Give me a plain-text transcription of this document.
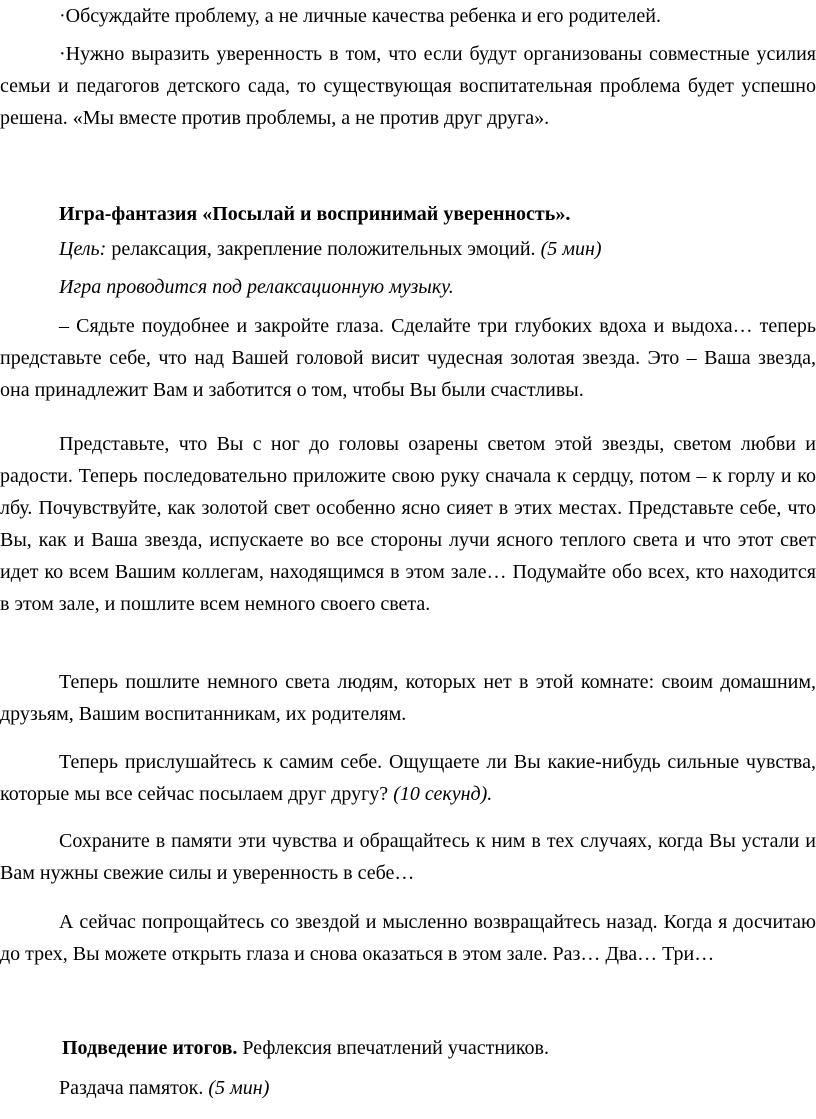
·Обсуждайте проблему, а не личные качества ребенка и его родителей.

·Нужно выразить уверенность в том, что если будут организованы совместные усилия семьи и педагогов детского сада, то существующая воспитательная проблема будет успешно решена. «Мы вместе против проблемы, а не против друг друга».

Игра-фантазия «Посылай и воспринимай уверенность».

Цель: релаксация, закрепление положительных эмоций. (5 мин)

Игра проводится под релаксационную музыку.

– Сядьте поудобнее и закройте глаза. Сделайте три глубоких вдоха и выдоха… теперь представьте себе, что над Вашей головой висит чудесная золотая звезда. Это – Ваша звезда, она принадлежит Вам и заботится о том, чтобы Вы были счастливы.

Представьте, что Вы с ног до головы озарены светом этой звезды, светом любви и радости. Теперь последовательно приложите свою руку сначала к сердцу, потом – к горлу и ко лбу. Почувствуйте, как золотой свет особенно ясно сияет в этих местах. Представьте себе, что Вы, как и Ваша звезда, испускаете во все стороны лучи ясного теплого света и что этот свет идет ко всем Вашим коллегам, находящимся в этом зале… Подумайте обо всех, кто находится в этом зале, и пошлите всем немного своего света.

Теперь пошлите немного света людям, которых нет в этой комнате: своим домашним, друзьям, Вашим воспитанникам, их родителям.

Теперь прислушайтесь к самим себе. Ощущаете ли Вы какие-нибудь сильные чувства, которые мы все сейчас посылаем друг другу? (10 секунд).

Сохраните в памяти эти чувства и обращайтесь к ним в тех случаях, когда Вы устали и Вам нужны свежие силы и уверенность в себе…

А сейчас попрощайтесь со звездой и мысленно возвращайтесь назад. Когда я досчитаю до трех, Вы можете открыть глаза и снова оказаться в этом зале. Раз… Два… Три…

Подведение итогов. Рефлексия впечатлений участников.

Раздача памяток. (5 мин)
